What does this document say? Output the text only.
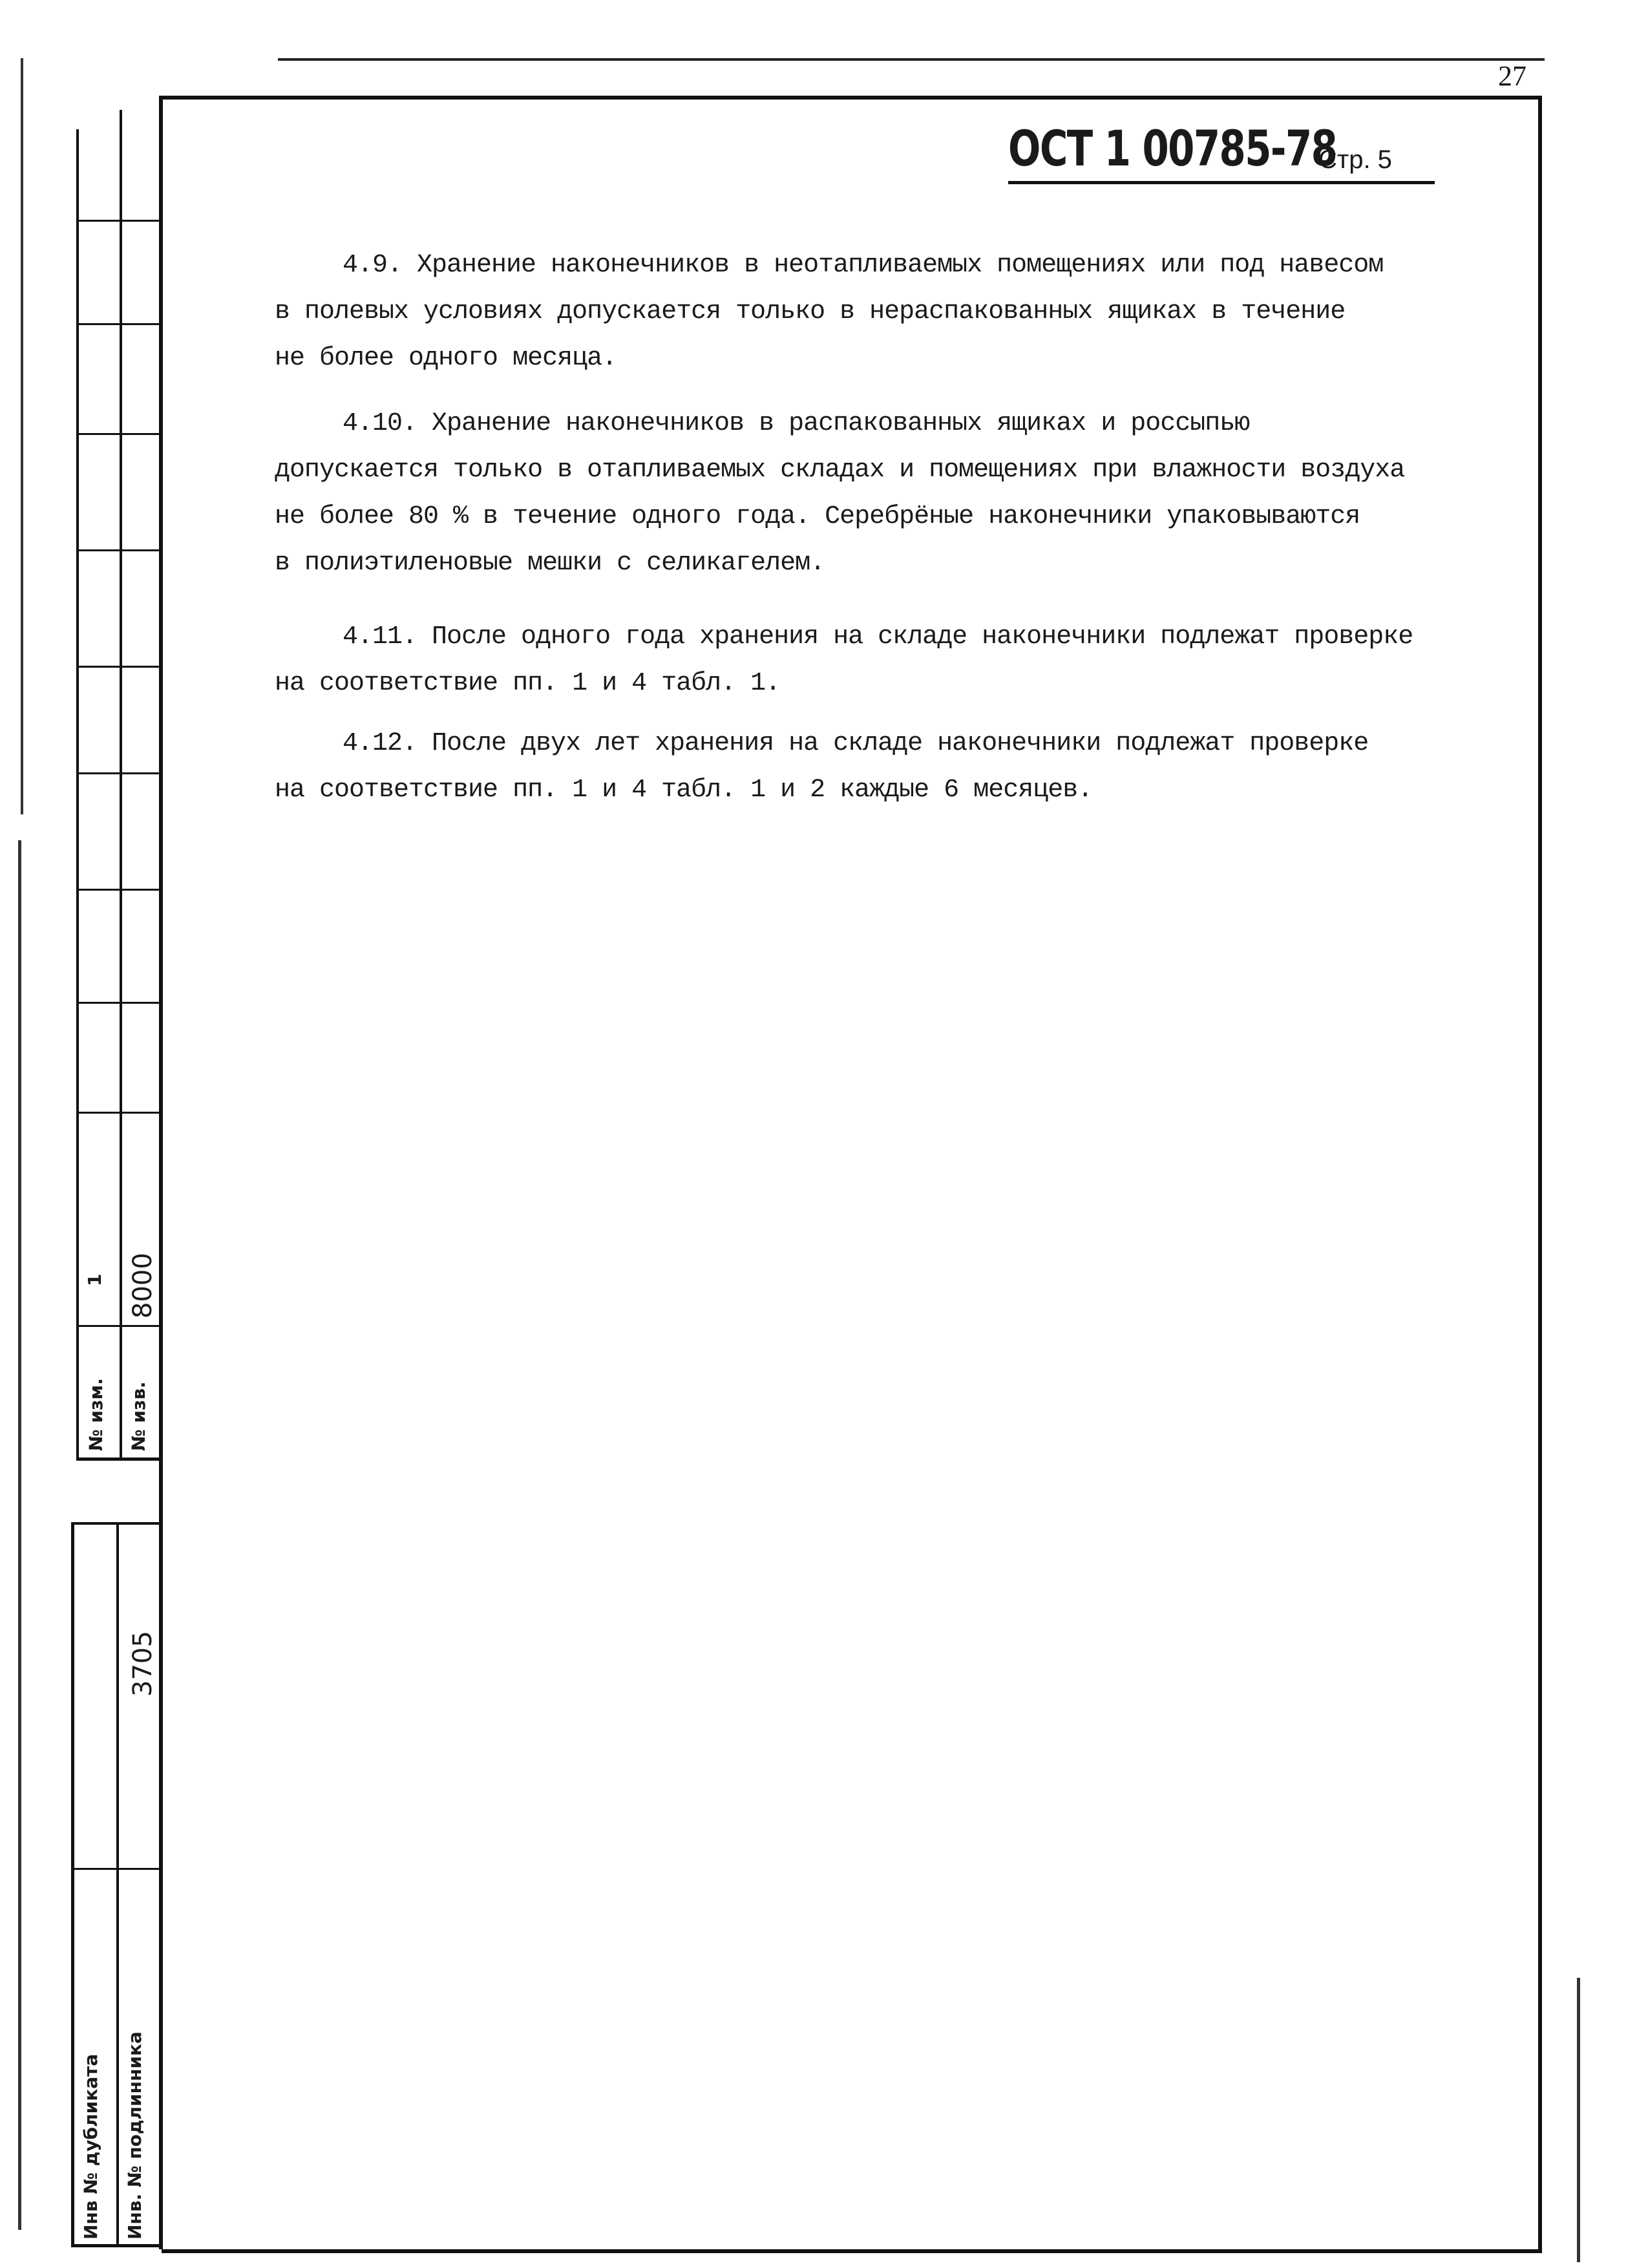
27
ОСТ 1 00785-78
Стр. 5
4.9. Хранение наконечников в неотапливаемых помещениях или под навесом
в полевых условиях допускается только в нераспакованных ящиках в течение
не более одного месяца.
4.10. Хранение наконечников в распакованных ящиках и россыпью
допускается только в отапливаемых складах и помещениях при влажности воздуха
не более 80 % в течение одного года. Серебрёные наконечники упаковываются
в полиэтиленовые мешки с селикагелем.
4.11. После одного года хранения на складе наконечники подлежат проверке
на соответствие пп. 1 и 4 табл. 1.
4.12. После двух лет хранения на складе наконечники подлежат проверке
на соответствие пп. 1 и 4 табл. 1 и 2 каждые 6 месяцев.
1 8000
№ изм. № изв.
3705
Инв № дубликата Инв. № подлинника
